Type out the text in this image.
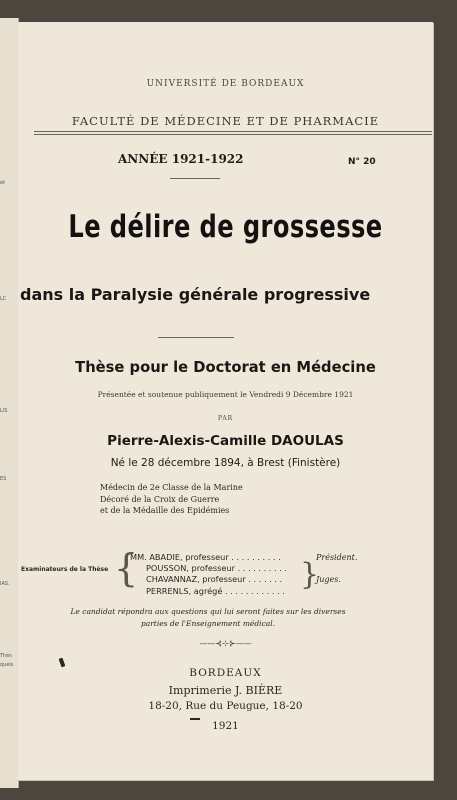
et
LC
LIS
ES
IAS.
Thès
quels
UNIVERSITÉ DE BORDEAUX
FACULTÉ DE MÉDECINE ET DE PHARMACIE
ANNÉE 1921-1922	N° 20
Le délire de grossesse
dans la Paralysie générale progressive
Thèse pour le Doctorat en Médecine
Présentée et soutenue publiquement le Vendredi 9 Décembre 1921
PAR
Pierre-Alexis-Camille DAOULAS
Né le 28 décembre 1894, à Brest (Finistère)
Médecin de 2e Classe de la Marine
Décoré de la Croix de Guerre
et de la Médaille des Epidémies
Examinateurs de la Thèse {
MM. ABADIE, professeur . . . . . . . . . .
POUSSON, professeur . . . . . . . . . .
CHAVANNAZ, professeur . . . . . . .
PERRENLS, agrégé . . . . . . . . . . . . }
Président.
Juges.
Le candidat répondra aux questions qui lui seront faites sur les diverses parties de l'Enseignement médical.
——⊰⊹⊱——
BORDEAUX
Imprimerie J. BIÈRE
18-20, Rue du Peugue, 18-20
1921
